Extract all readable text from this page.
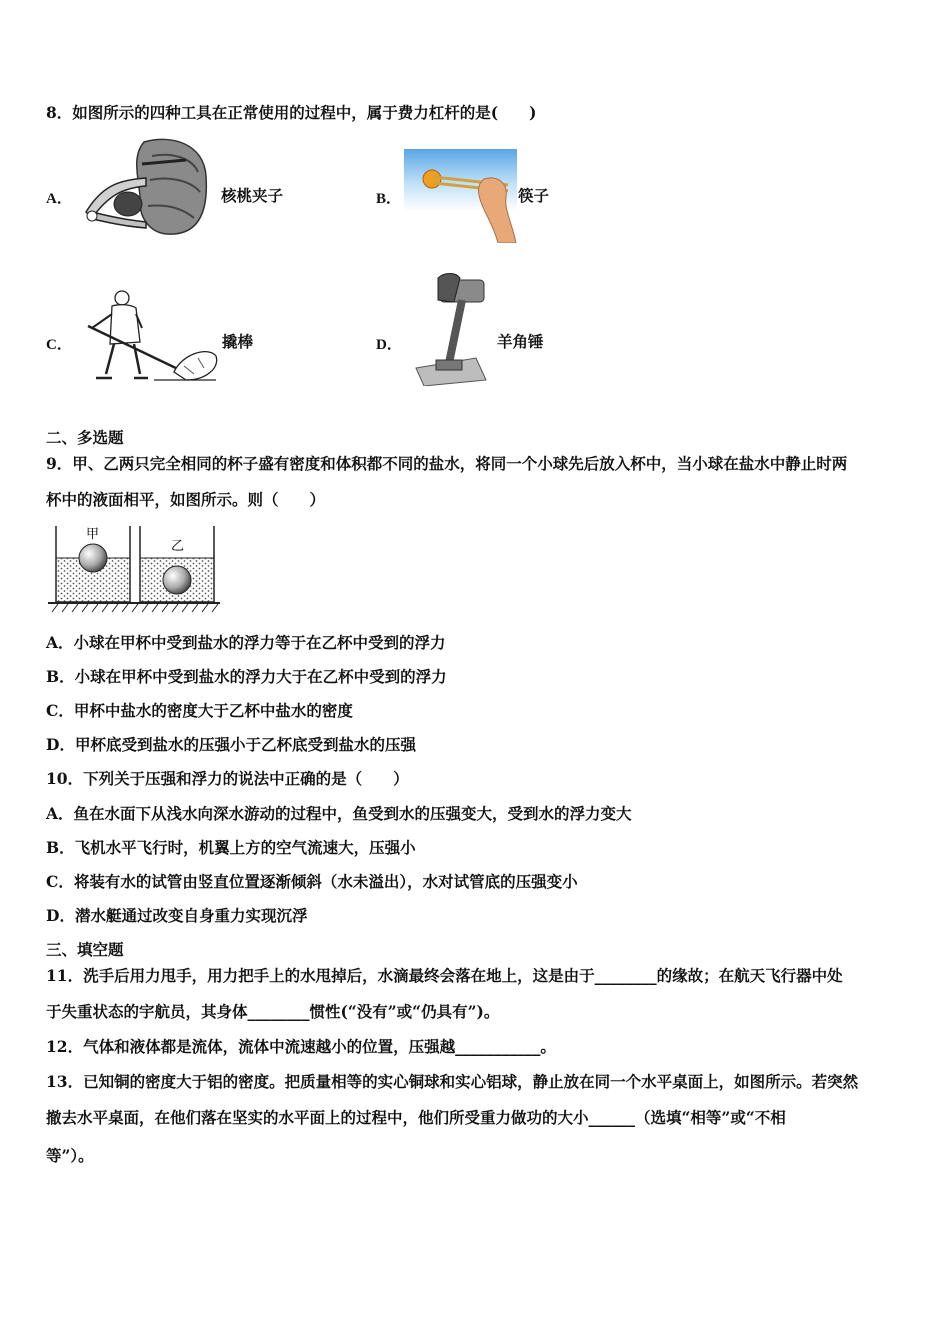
8．如图所示的四种工具在正常使用的过程中，属于费力杠杆的是(　　)
A．	核桃夹子	B．	筷子
C．	撬棒	D．	羊角锤
二、多选题
9．甲、乙两只完全相同的杯子盛有密度和体积都不同的盐水，将同一个小球先后放入杯中，当小球在盐水中静止时两
杯中的液面相平，如图所示。则（　　）
甲
乙
A．小球在甲杯中受到盐水的浮力等于在乙杯中受到的浮力
B．小球在甲杯中受到盐水的浮力大于在乙杯中受到的浮力
C．甲杯中盐水的密度大于乙杯中盐水的密度
D．甲杯底受到盐水的压强小于乙杯底受到盐水的压强
10．下列关于压强和浮力的说法中正确的是（　　）
A．鱼在水面下从浅水向深水游动的过程中，鱼受到水的压强变大，受到水的浮力变大
B．飞机水平飞行时，机翼上方的空气流速大，压强小
C．将装有水的试管由竖直位置逐渐倾斜（水未溢出），水对试管底的压强变小
D．潜水艇通过改变自身重力实现沉浮
三、填空题
11．洗手后用力甩手，用力把手上的水甩掉后，水滴最终会落在地上，这是由于________的缘故；在航天飞行器中处
于失重状态的宇航员，其身体________惯性(“没有”或“仍具有”)。
12．气体和液体都是流体，流体中流速越小的位置，压强越___________。
13．已知铜的密度大于铝的密度。把质量相等的实心铜球和实心铝球，静止放在同一个水平桌面上，如图所示。若突然
撤去水平桌面，在他们落在坚实的水平面上的过程中，他们所受重力做功的大小______（选填“相等”或“不相
等”）。
